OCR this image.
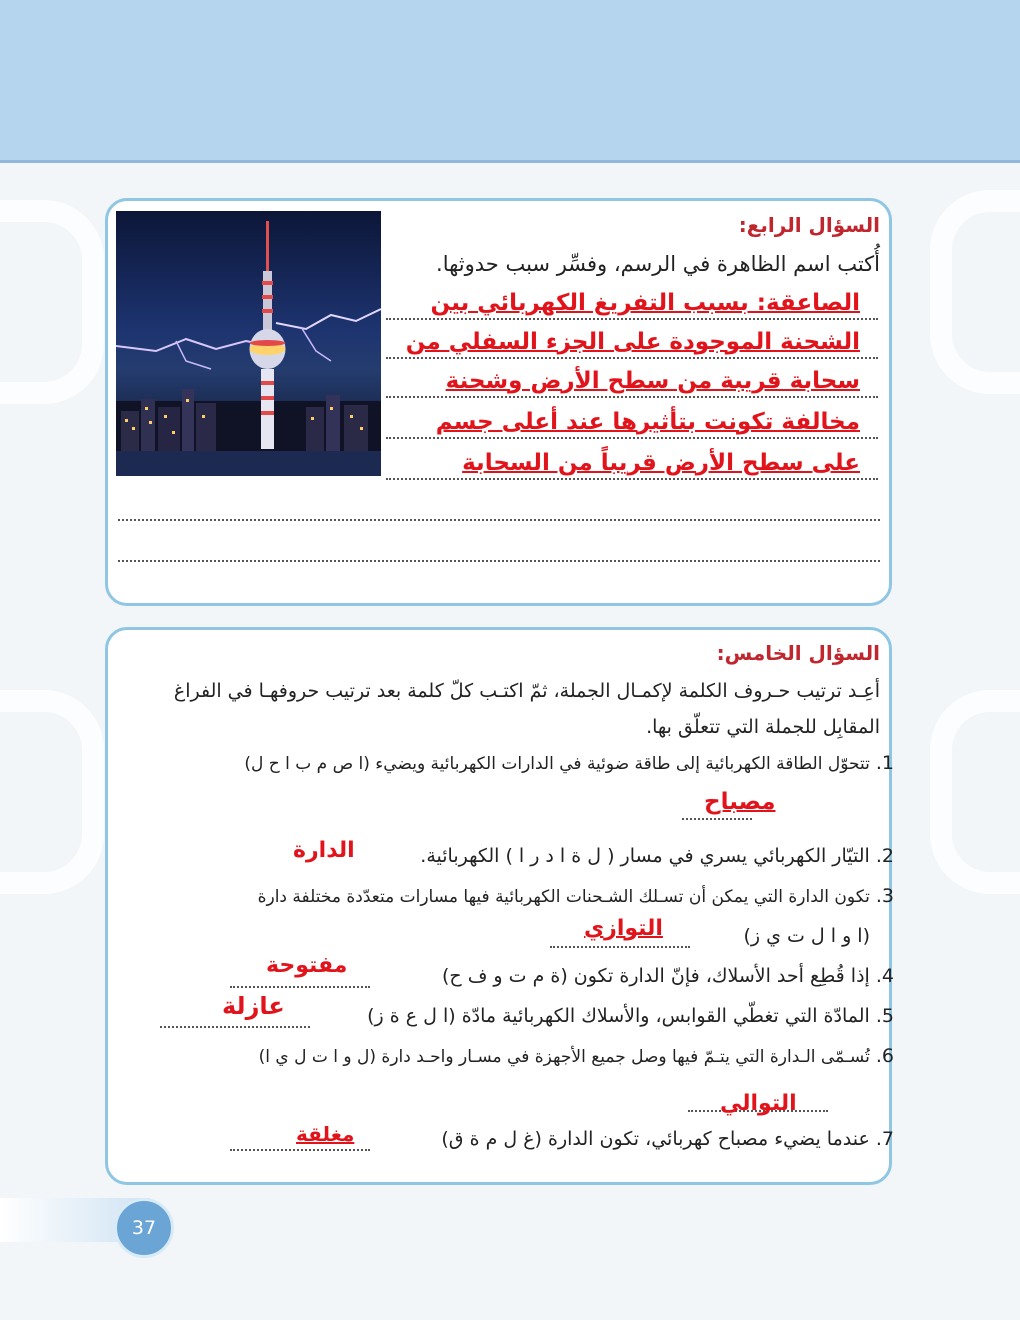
السؤال الرابع:
أُكتب اسم الظاهرة في الرسم، وفسِّر سبب حدوثها.
الصاعقة: بسبب التفريغ الكهربائي بين
الشحنة الموجودة على الجزء السفلي من
سحابة قريبة من سطح الأرض وشحنة
مخالفة تكونت بتأثيرها عند أعلى جسم
على سطح الأرض قريباً من السحابة
السؤال الخامس:
أعِـد ترتيب حـروف الكلمة لإكمـال الجملة، ثمّ اكتـب كلّ كلمة بعد ترتيب حروفهـا في الفراغ
المقابِل للجملة التي تتعلّق بها.
1. تتحوّل الطاقة الكهربائية إلى طاقة ضوئية في الدارات الكهربائية ويضيء (ا ص م ب ا ح ل)
مصباح
2. التيّار الكهربائي يسري في مسار ( ل ة ا د ر ا ) الكهربائية.
الدارة
3. تكون الدارة التي يمكن أن تسـلك الشـحنات الكهربائية فيها مسارات متعدّدة مختلفة دارة
(ا و ا ل ت ي ز)
التوازي
4. إذا قُطِع أحد الأسلاك، فإنّ الدارة تكون (ة م ت و ف ح)
مفتوحة
5. المادّة التي تغطّي القوابس، والأسلاك الكهربائية مادّة (ا ل ع ة ز)
عازلة
6. تُسـمّى الـدارة التي يتـمّ فيها وصل جميع الأجهزة في مسـار واحـد دارة (ل و ا ت ل ي ا)
التوالي
7. عندما يضيء مصباح كهربائي، تكون الدارة (غ ل م ة ق)
مغلقة
37
